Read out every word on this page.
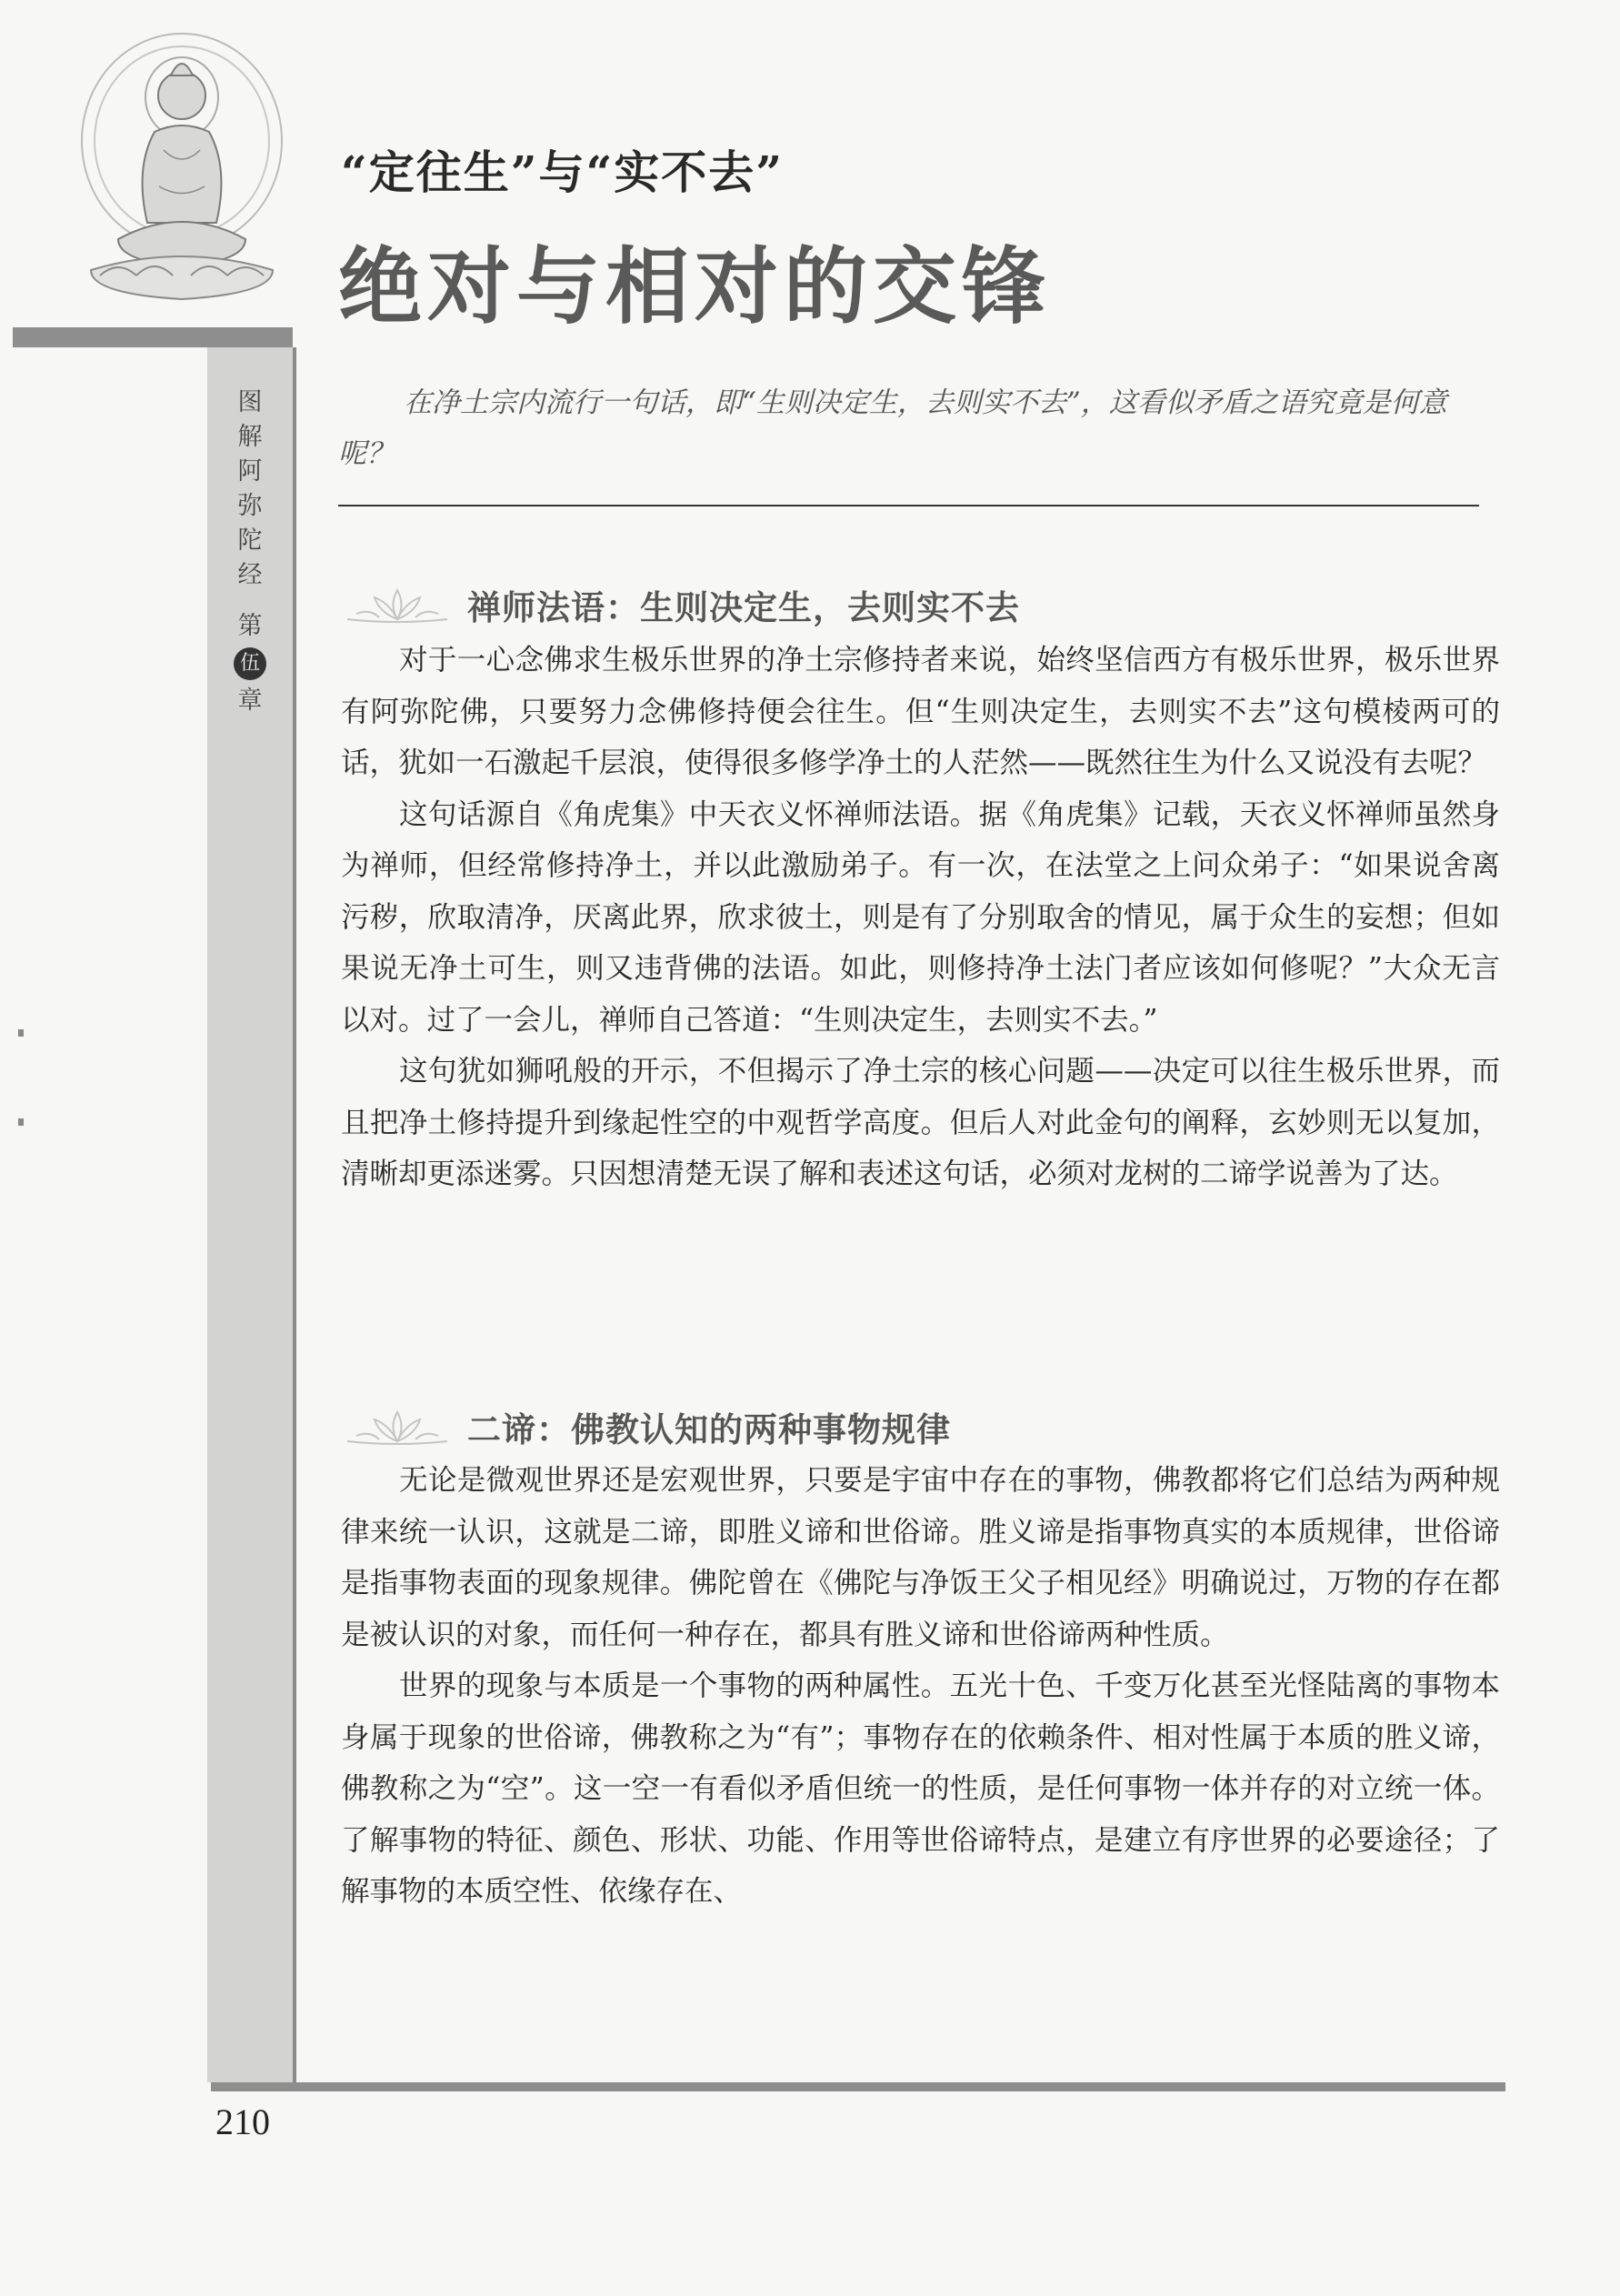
“定往生”与“实不去”
绝对与相对的交锋
图
解
阿
弥
陀
经
第
伍
章
210

在净土宗内流行一句话，即“生则决定生，去则实不去”，这看似矛盾之语究竟是何意呢？

禅师法语：生则决定生，去则实不去

对于一心念佛求生极乐世界的净土宗修持者来说，始终坚信西方有极乐世界，极乐世界有阿弥陀佛，只要努力念佛修持便会往生。但“生则决定生，去则实不去”这句模棱两可的话，犹如一石激起千层浪，使得很多修学净土的人茫然——既然往生为什么又说没有去呢？

这句话源自《角虎集》中天衣义怀禅师法语。据《角虎集》记载，天衣义怀禅师虽然身为禅师，但经常修持净土，并以此激励弟子。有一次，在法堂之上问众弟子：“如果说舍离污秽，欣取清净，厌离此界，欣求彼土，则是有了分别取舍的情见，属于众生的妄想；但如果说无净土可生，则又违背佛的法语。如此，则修持净土法门者应该如何修呢？”大众无言以对。过了一会儿，禅师自己答道：“生则决定生，去则实不去。”

这句犹如狮吼般的开示，不但揭示了净土宗的核心问题——决定可以往生极乐世界，而且把净土修持提升到缘起性空的中观哲学高度。但后人对此金句的阐释，玄妙则无以复加，清晰却更添迷雾。只因想清楚无误了解和表述这句话，必须对龙树的二谛学说善为了达。

二谛：佛教认知的两种事物规律

无论是微观世界还是宏观世界，只要是宇宙中存在的事物，佛教都将它们总结为两种规律来统一认识，这就是二谛，即胜义谛和世俗谛。胜义谛是指事物真实的本质规律，世俗谛是指事物表面的现象规律。佛陀曾在《佛陀与净饭王父子相见经》明确说过，万物的存在都是被认识的对象，而任何一种存在，都具有胜义谛和世俗谛两种性质。

世界的现象与本质是一个事物的两种属性。五光十色、千变万化甚至光怪陆离的事物本身属于现象的世俗谛，佛教称之为“有”；事物存在的依赖条件、相对性属于本质的胜义谛，佛教称之为“空”。这一空一有看似矛盾但统一的性质，是任何事物一体并存的对立统一体。了解事物的特征、颜色、形状、功能、作用等世俗谛特点，是建立有序世界的必要途径；了解事物的本质空性、依缘存在、
